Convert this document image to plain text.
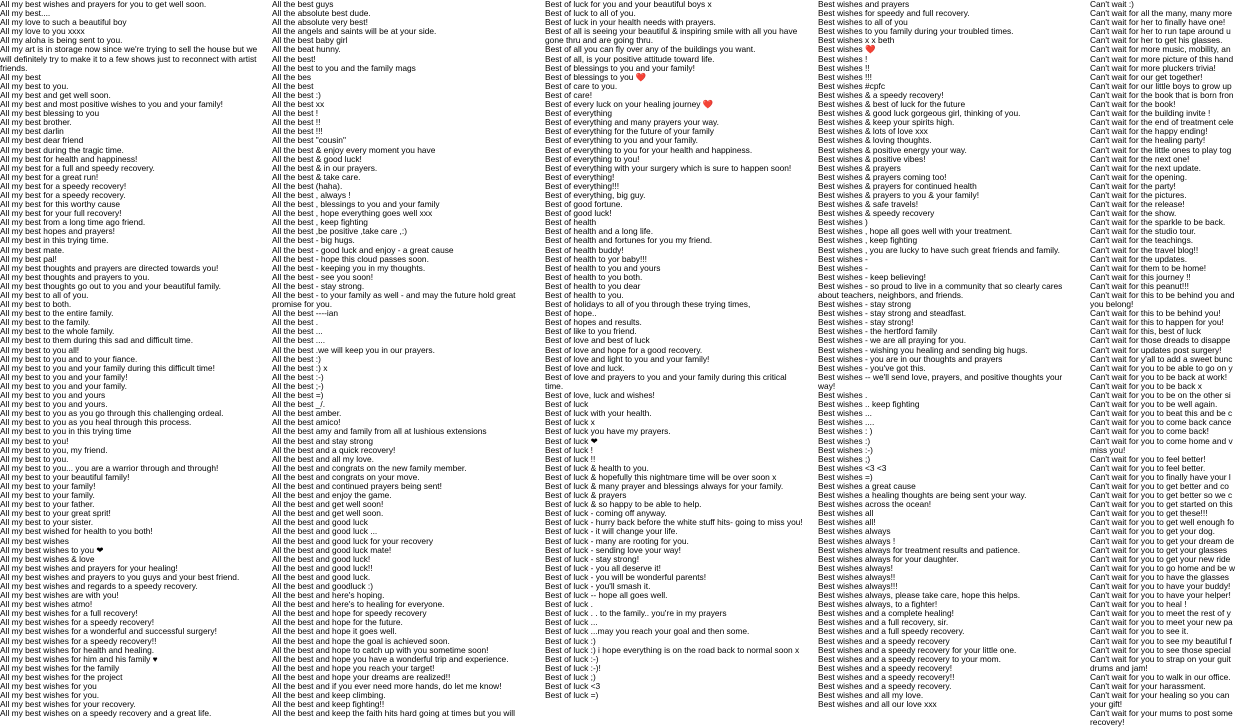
All my best wishes and prayers for you to get well soon.
All my best....
All my love to such a beautiful boy
All my love to you xxxx
All my aloha is being sent to you.
All my art is in storage now since we're trying to sell the house but we will definitely try to make it to a few shows just to reconnect with artist friends.
All my best
All my best to you.
All my best and get well soon.
All my best and most positive wishes to you and your family!
All my best blessing to you
All my best brother.
All my best darlin
All my best dear friend
All my best during the tragic time.
All my best for health and happiness!
All my best for a full and speedy recovery.
All my best for a great run!
All my best for a speedy recovery!
All my best for a speedy recovery.
All my best for this worthy cause
All my best for your full recovery!
All my best from a long time ago friend.
All my best hopes and prayers!
All my best in this trying time.
All my best mate.
All my best pal!
All my best thoughts and prayers are directed towards you!
All my best thoughts and prayers to you.
All my best thoughts go out to you and your beautiful family.
All my best to all of you.
All my best to both.
All my best to the entire family.
All my best to the family.
All my best to the whole family.
All my best to them during this sad and difficult time.
All my best to you all!
All my best to you and to your fiance.
All my best to you and your family during this difficult time!
All my best to you and your family!
All my best to you and your family.
All my best to you and yours
All my best to you and yours.
All my best to you as you go through this challenging ordeal.
All my best to you as you heal through this process.
All my best to you in this trying time
All my best to you!
All my best to you, my friend.
All my best to you.
All my best to you... you are a warrior through and through!
All my best to your beautiful family!
All my best to your family!
All my best to your family.
All my best to your father.
All my best to your great sprit!
All my best to your sister.
All my best wished for health to you both!
All my best wishes
All my best wishes to you ❤
All my best wishes & love
All my best wishes and prayers for your healing!
All my best wishes and prayers to you guys and your best friend.
All my best wishes and regards to a speedy recovery.
All my best wishes are with you!
All my best wishes atmo!
All my best wishes for a full recovery!
All my best wishes for a speedy recovery!
All my best wishes for a wonderful and successful surgery!
All my best wishes for a speedy recovery!!
All my best wishes for health and healing.
All my best wishes for him and his family ♥
All my best wishes for the family
All my best wishes for the project
All my best wishes for you
All my best wishes for you.
All my best wishes for your recovery.
All my best wishes on a speedy recovery and a great life.
All the best guys
All the absolute best dude.
All the absolute very best!
All the angels and saints will be at your side.
All the best baby girl
All the beat hunny.
All the best!
All the best to you and the family mags
All the bes
All the best
All the best :)
All the best xx
All the best !
All the best !!
All the best !!!
All the best "cousin"
All the best & enjoy every moment you have
All the best & good luck!
All the best & in our prayers.
All the best & take care.
All the best (haha).
All the best , always !
All the best , blessings to you and your family
All the best , hope everything goes well xxx
All the best , keep fighting
All the best ,be positive ,take care ,:)
All the best - big hugs.
All the best - good luck and enjoy - a great cause
All the best - hope this cloud passes soon.
All the best - keeping you in my thoughts.
All the best - see you soon!
All the best - stay strong.
All the best - to your family as well - and may the future hold great promise for you.
All the best ----ian
All the best .
All the best ...
All the best ....
All the best .we will keep you in our prayers.
All the best :)
All the best :) x
All the best :-)
All the best ;-)
All the best =)
All the best _/.
All the best amber.
All the best amico!
All the best amy and family from all at lushious extensions
All the best and stay strong
All the best and a quick recovery!
All the best and all my love.
All the best and congrats on the new family member.
All the best and congrats on your move.
All the best and continued prayers being sent!
All the best and enjoy the game.
All the best and get well soon!
All the best and get well soon.
All the best and good luck
All the best and good luck ...
All the best and good luck for your recovery
All the best and good luck mate!
All the best and good luck!
All the best and good luck!!
All the best and good luck.
All the best and goodluck :)
All the best and here's hoping.
All the best and here's to healing for everyone.
All the best and hope for speedy recovery
All the best and hope for the future.
All the best and hope it goes well.
All the best and hope the goal is achieved soon.
All the best and hope to catch up with you sometime soon!
All the best and hope you have a wonderful trip and experience.
All the best and hope you reach your target!
All the best and hope your dreams are realized!!
All the best and if you ever need more hands, do let me know!
All the best and keep climbing.
All the best and keep fighting!!
All the best and keep the faith hits hard going at times but you will
Best of luck for you and your beautiful boys x
Best of luck to all of you.
Best of luck in your health needs with prayers.
Best of all is seeing your beautiful & inspiring smile with all you have gone thru and are going thru.
Best of all you can fly over any of the buildings you want.
Best of all, is your positive attitude toward life.
Best of blessings to you and your family!
Best of blessings to you ❤️
Best of care to you.
Best of care!
Best of every luck on your healing journey ❤️
Best of everything
Best of everything and many prayers your way.
Best of everything for the future of your family
Best of everything to you and your family.
Best of everything to you for your health and happiness.
Best of everything to you!
Best of everything with your surgery which is sure to happen soon!
Best of everything!
Best of everything!!!
Best of everything, big guy.
Best of good fortune.
Best of good luck!
Best of health
Best of health and a long life.
Best of health and fortunes for you my friend.
Best of health buddy!
Best of health to yor baby!!!
Best of health to you and yours
Best of health to you both.
Best of health to you dear
Best of health to you.
Best of holidays to all of you through these trying times,
Best of hope..
Best of hopes and results.
Best of like to you friend.
Best of love and best of luck
Best of love and hope for a good recovery.
Best of love and light to you and your family!
Best of love and luck.
Best of love and prayers to you and your family during this critical time.
Best of love, luck and wishes!
Best of luck
Best of luck with your health.
Best of luck x
Best of luck you have my prayers.
Best of luck ❤
Best of luck !
Best of luck !!
Best of luck & health to you.
Best of luck & hopefully this nightmare time will be over soon x
Best of luck & many prayer and blessings always for your family.
Best of luck & prayers
Best of luck & so happy to be able to help.
Best of luck - coming off anyway.
Best of luck - hurry back before the white stuff hits- going to miss you!
Best of luck - it will change your life.
Best of luck - many are rooting for you.
Best of luck - sending love your way!
Best of luck - stay strong!
Best of luck - you all deserve it!
Best of luck - you will be wonderful parents!
Best of luck - you'll smash it.
Best of luck -- hope all goes well.
Best of luck .
Best of luck . . to the family.. you're in my prayers
Best of luck ...
Best of luck ...may you reach your goal and then some.
Best of luck :)
Best of luck :) i hope everything is on the road back to normal soon x
Best of luck :-)
Best of luck :-)!
Best of luck ;)
Best of luck <3
Best of luck =)
Best wishes and prayers
Best wishes for speedy and full recovery.
Best wishes to all of you
Best wishes to you family during your troubled times.
Best wishes x x beth
Best wishes ❤️
Best wishes !
Best wishes !!
Best wishes !!!
Best wishes #cpfc
Best wishes & a speedy recovery!
Best wishes & best of luck for the future
Best wishes & good luck gorgeous girl, thinking of you.
Best wishes & keep your spirits high.
Best wishes & lots of love xxx
Best wishes & loving thoughts.
Best wishes & positive energy your way.
Best wishes & positive vibes!
Best wishes & prayers
Best wishes & prayers coming too!
Best wishes & prayers for continued health
Best wishes & prayers to you & your family!
Best wishes & safe travels!
Best wishes & speedy recovery
Best wishes )
Best wishes , hope all goes well with your treatment.
Best wishes , keep fighting
Best wishes , you are lucky to have such great friends and family.
Best wishes -
Best wishes -
Best wishes - keep believing!
Best wishes - so proud to live in a community that so clearly cares about teachers, neighbors, and friends.
Best wishes - stay strong
Best wishes - stay strong and steadfast.
Best wishes - stay strong!
Best wishes - the hertford family
Best wishes - we are all praying for you.
Best wishes - wishing you healing and sending big hugs.
Best wishes - you are in our thoughts and prayers
Best wishes - you've got this.
Best wishes -- we'll send love, prayers, and positive thoughts your way!
Best wishes .
Best wishes .. keep fighting
Best wishes ...
Best wishes ....
Best wishes : )
Best wishes :)
Best wishes :-)
Best wishes ;)
Best wishes <3 <3
Best wishes =)
Best wishes a great cause
Best wishes a healing thoughts are being sent your way.
Best wishes across the ocean!
Best wishes all
Best wishes all!
Best wishes always
Best wishes always !
Best wishes always for treatment results and patience.
Best wishes always for your daughter.
Best wishes always!
Best wishes always!!
Best wishes always!!!
Best wishes always, please take care, hope this helps.
Best wishes always, to a fighter!
Best wishes and a complete healing!
Best wishes and a full recovery, sir.
Best wishes and a full speedy recovery.
Best wishes and a speedy recovery
Best wishes and a speedy recovery for your little one.
Best wishes and a speedy recovery to your mom.
Best wishes and a speedy recovery!
Best wishes and a speedy recovery!!
Best wishes and a speedy recovery.
Best wishes and all my love.
Best wishes and all our love xxx
Can't wait :)
Can't wait for all the many, many more
Can't wait for her to finally have one!
Can't wait for her to run tape around u
Can't wait for her to get his glasses.
Can't wait for more music, mobility, an
Can't wait for more picture of this hand
Can't wait for more pluckers trivia!
Can't wait for our get together!
Can't wait for our little boys to grow up
Can't wait for the book that is born fron
Can't wait for the book!
Can't wait for the building invite !
Can't wait for the end of treatment cele
Can't wait for the happy ending!
Can't wait for the healing party!
Can't wait for the little ones to play tog
Can't wait for the next one!
Can't wait for the next update.
Can't wait for the opening.
Can't wait for the party!
Can't wait for the pictures.
Can't wait for the release!
Can't wait for the show.
Can't wait for the sparkle to be back.
Can't wait for the studio tour.
Can't wait for the teachings.
Can't wait for the travel blog!!
Can't wait for the updates.
Can't wait for them to be home!
Can't wait for this journey !!
Can't wait for this peanut!!!
Can't wait for this to be behind you and
you belong!
Can't wait for this to be behind you!
Can't wait for this to happen for you!
Can't wait for this, best of luck
Can't wait for those dreads to disappe
Can't wait for updates post surgery!
Can't wait for y'all to add a sweet bunc
Can't wait for you to be able to go on y
Can't wait for you to be back at work!
Can't wait for you to be back x
Can't wait for you to be on the other si
Can't wait for you to be well again.
Can't wait for you to beat this and be c
Can't wait for you to come back cance
Can't wait for you to come back!
Can't wait for you to come home and v
miss you!
Can't wait for you to feel better!
Can't wait for you to feel better.
Can't wait for you to finally have your l
Can't wait for you to get better and co
Can't wait for you to get better so we c
Can't wait for you to get started on this
Can't wait for you to get these!!!
Can't wait for you to get well enough fo
Can't wait for you to get your dog.
Can't wait for you to get your dream de
Can't wait for you to get your glasses
Can't wait for you to get your new ride
Can't wait for you to go home and be w
Can't wait for you to have the glasses
Can't wait for you to have your buddy!
Can't wait for you to have your helper!
Can't wait for you to heal !
Can't wait for you to meet the rest of y
Can't wait for you to meet your new pa
Can't wait for you to see it.
Can't wait for you to see my beautiful f
Can't wait for you to see those special
Can't wait for you to strap on your guit
drums and jam!
Can't wait for you to walk in our office.
Can't wait for your harassment.
Can't wait for your healing so you can
your gift!
Can't wait for your mums to post some
recovery!
